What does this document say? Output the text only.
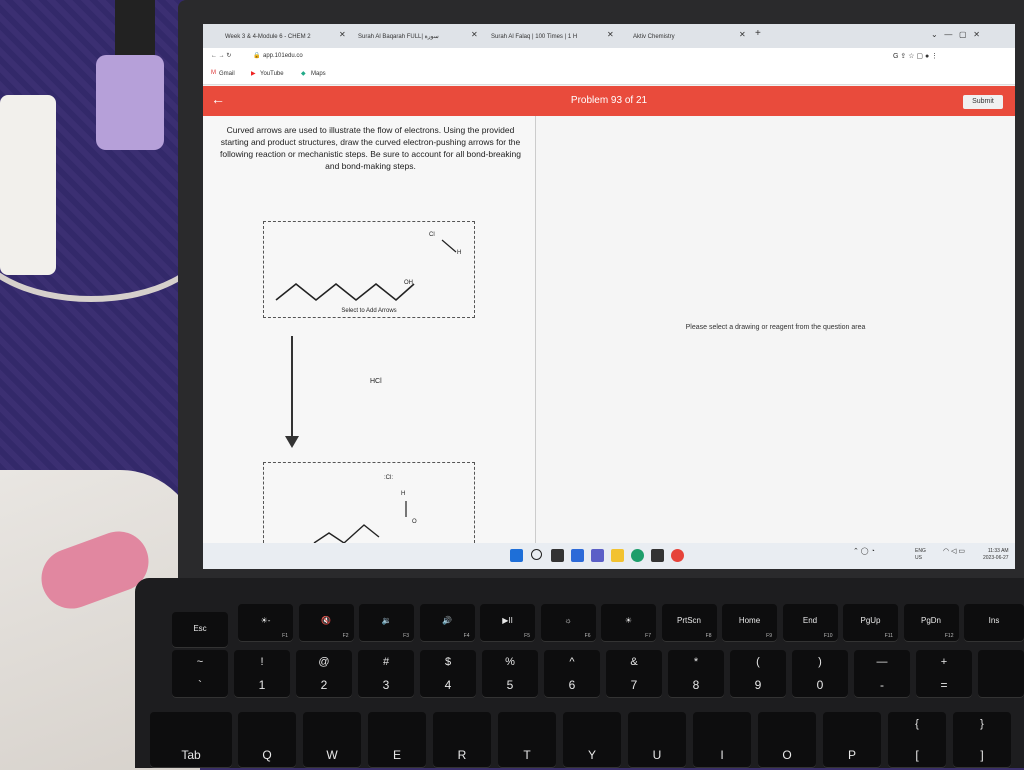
Week 3 & 4-Module 6 - CHEM 2	✕ Surah Al Baqarah FULL| سورة	✕ Surah Al Falaq | 100 Times | 1 H	✕	Aktiv Chemistry	✕ +	⌄   —   ▢   ✕
← → ↻	🔒 app.101edu.co	G ⇪ ☆ ▢ ● ⋮
M Gmail	▶ YouTube	◆ Maps
←	Problem 93 of 21	Submit
Curved arrows are used to illustrate the flow of electrons. Using the provided starting and product structures, draw the curved electron-pushing arrows for the following reaction or mechanistic steps. Be sure to account for all bond-breaking and bond-making steps.
OH
Cl
H
Select to Add Arrows
HCl
:Cl:
H
O
Please select a drawing or reagent from the question area
⌃ ◯ ◔	ENG
US
◠ ◁ ▭	11:33 AM
2023-06-27
Esc
☀-
F1
🔇
F2
🔉
F3
🔊
F4
▶II
F5
☼
F6
☀
F7
PrtScn
F8
Home
F9
End
F10
PgUp
F11
PgDn
F12
Ins
~
`
!
1
@
2
#
3
$
4
%
5
^
6
&
7
*
8
(
9
)
0
—
-
+
=
Tab	Q	W	E	R	T	Y	U	I	O	P
{
[
}
]
